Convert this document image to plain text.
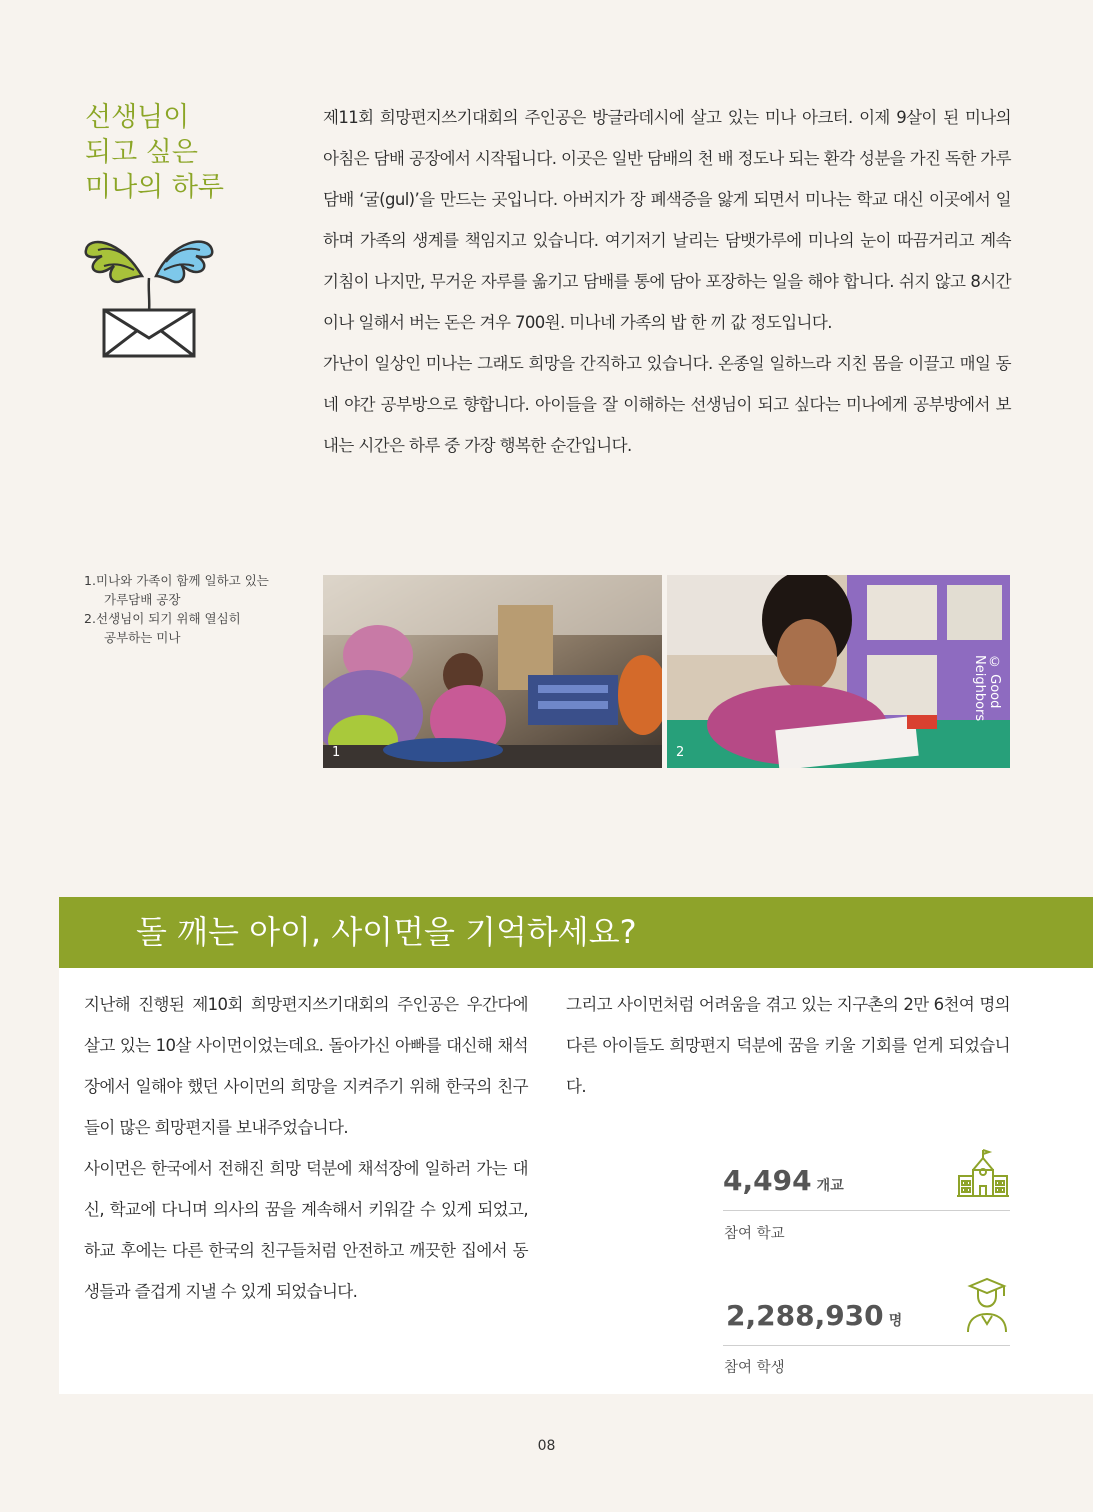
선생님이
되고 싶은
미나의 하루

제11회 희망편지쓰기대회의 주인공은 방글라데시에 살고 있는 미나 아크터. 이제 9살이 된 미나의 아침은 담배 공장에서 시작됩니다. 이곳은 일반 담배의 천 배 정도나 되는 환각 성분을 가진 독한 가루담배 ‘굴(gul)’을 만드는 곳입니다. 아버지가 장 폐색증을 앓게 되면서 미나는 학교 대신 이곳에서 일하며 가족의 생계를 책임지고 있습니다. 여기저기 날리는 담뱃가루에 미나의 눈이 따끔거리고 계속 기침이 나지만, 무거운 자루를 옮기고 담배를 통에 담아 포장하는 일을 해야 합니다. 쉬지 않고 8시간이나 일해서 버는 돈은 겨우 700원. 미나네 가족의 밥 한 끼 값 정도입니다.

가난이 일상인 미나는 그래도 희망을 간직하고 있습니다. 온종일 일하느라 지친 몸을 이끌고 매일 동네 야간 공부방으로 향합니다. 아이들을 잘 이해하는 선생님이 되고 싶다는 미나에게 공부방에서 보내는 시간은 하루 중 가장 행복한 순간입니다.

1. 미나와 가족이 함께 일하고 있는
가루담배 공장
2. 선생님이 되기 위해 열심히
공부하는 미나
1	2
© Good Neighbors
돌 깨는 아이, 사이먼을 기억하세요?

지난해 진행된 제10회 희망편지쓰기대회의 주인공은 우간다에 살고 있는 10살 사이먼이었는데요. 돌아가신 아빠를 대신해 채석장에서 일해야 했던 사이먼의 희망을 지켜주기 위해 한국의 친구들이 많은 희망편지를 보내주었습니다.

사이먼은 한국에서 전해진 희망 덕분에 채석장에 일하러 가는 대신, 학교에 다니며 의사의 꿈을 계속해서 키워갈 수 있게 되었고, 하교 후에는 다른 한국의 친구들처럼 안전하고 깨끗한 집에서 동생들과 즐겁게 지낼 수 있게 되었습니다.

그리고 사이먼처럼 어려움을 겪고 있는 지구촌의 2만 6천여 명의 다른 아이들도 희망편지 덕분에 꿈을 키울 기회를 얻게 되었습니다.

4,494 개교
참여 학교
2,288,930 명
참여 학생
08
